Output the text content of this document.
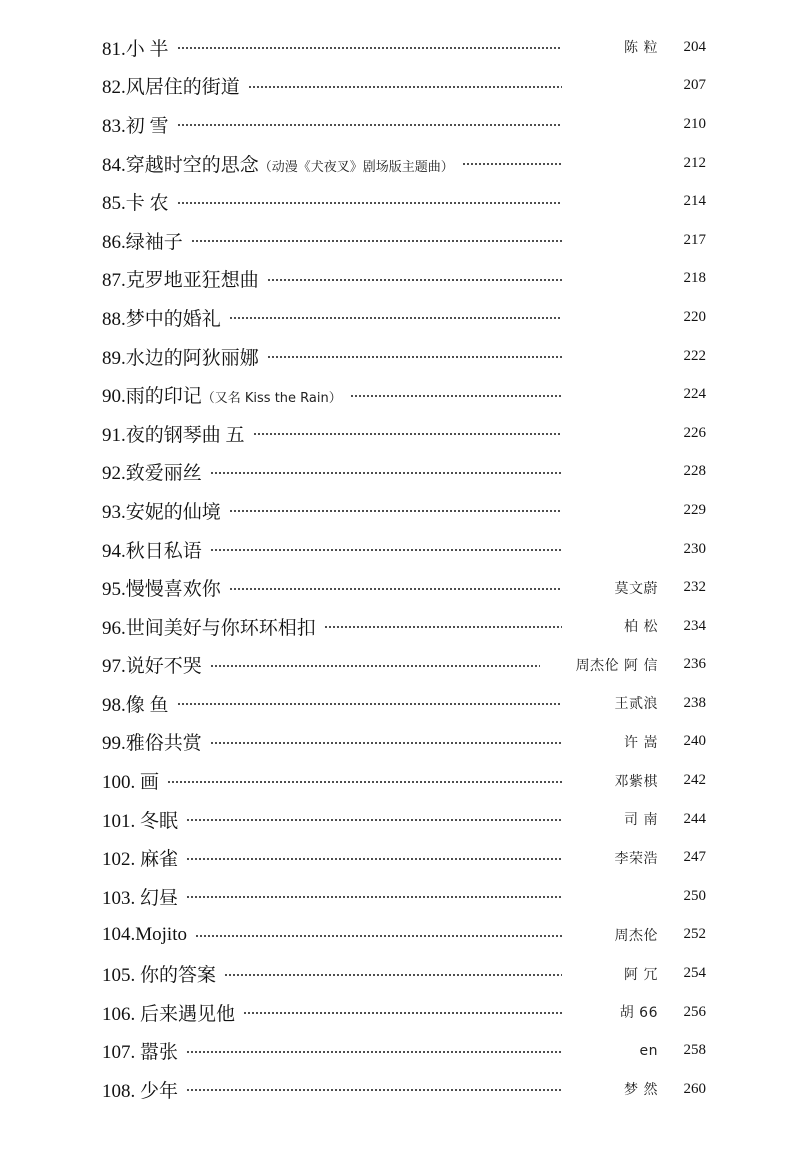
81.小 半	陈 粒	204
82.风居住的街道	207
83.初 雪	210
84.穿越时空的思念（动漫《犬夜叉》剧场版主题曲）	212
85.卡 农	214
86.绿袖子	217
87.克罗地亚狂想曲	218
88.梦中的婚礼	220
89.水边的阿狄丽娜	222
90.雨的印记（又名 Kiss the Rain）	224
91.夜的钢琴曲 五	226
92.致爱丽丝	228
93.安妮的仙境	229
94.秋日私语	230
95.慢慢喜欢你	莫文蔚	232
96.世间美好与你环环相扣	柏 松	234
97.说好不哭	周杰伦 阿 信	236
98.像 鱼	王贰浪	238
99.雅俗共赏	许 嵩	240
100. 画	邓紫棋	242
101. 冬眠	司 南	244
102. 麻雀	李荣浩	247
103. 幻昼	250
104.Mojito	周杰伦	252
105. 你的答案	阿 冗	254
106. 后来遇见他	胡 66	256
107. 嚣张	en	258
108. 少年	梦 然	260
